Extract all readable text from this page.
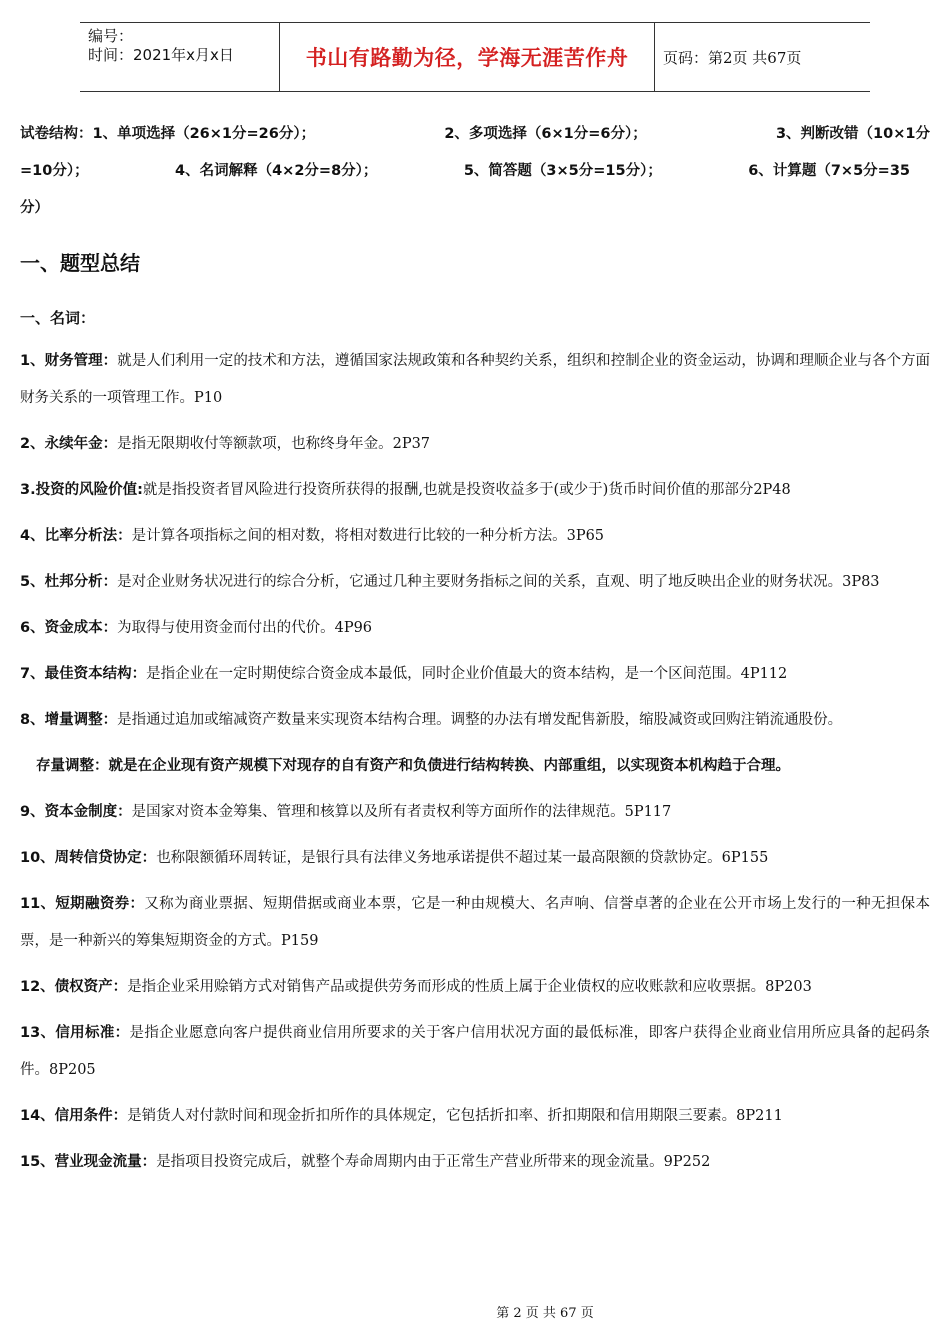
编号：
时间：2021年x月x日	书山有路勤为径，学海无涯苦作舟	页码：第2页 共67页
试卷结构：1、单项选择（26×1分=26分）；	2、多项选择（6×1分=6分）；	3、判断改错（10×1分
=10分）；	4、名词解释（4×2分=8分）；	5、简答题（3×5分=15分）；	6、计算题（7×5分=35
分）
一、题型总结
一、名词：
1、财务管理：就是人们利用一定的技术和方法，遵循国家法规政策和各种契约关系，组织和控制企业的资金运动，协调和理顺企业与各个方面财务关系的一项管理工作。P10
2、永续年金：是指无限期收付等额款项，也称终身年金。2P37
3.投资的风险价值:就是指投资者冒风险进行投资所获得的报酬,也就是投资收益多于(或少于)货币时间价值的那部分2P48
4、比率分析法：是计算各项指标之间的相对数，将相对数进行比较的一种分析方法。3P65
5、杜邦分析：是对企业财务状况进行的综合分析，它通过几种主要财务指标之间的关系，直观、明了地反映出企业的财务状况。3P83
6、资金成本：为取得与使用资金而付出的代价。4P96
7、最佳资本结构：是指企业在一定时期使综合资金成本最低，同时企业价值最大的资本结构，是一个区间范围。4P112
8、增量调整：是指通过追加或缩减资产数量来实现资本结构合理。调整的办法有增发配售新股，缩股减资或回购注销流通股份。
存量调整：就是在企业现有资产规模下对现存的自有资产和负债进行结构转换、内部重组，以实现资本机构趋于合理。
9、资本金制度：是国家对资本金筹集、管理和核算以及所有者责权利等方面所作的法律规范。5P117
10、周转信贷协定：也称限额循环周转证，是银行具有法律义务地承诺提供不超过某一最高限额的贷款协定。6P155
11、短期融资券：又称为商业票据、短期借据或商业本票，它是一种由规模大、名声响、信誉卓著的企业在公开市场上发行的一种无担保本票，是一种新兴的筹集短期资金的方式。P159
12、债权资产：是指企业采用赊销方式对销售产品或提供劳务而形成的性质上属于企业债权的应收账款和应收票据。8P203
13、信用标准：是指企业愿意向客户提供商业信用所要求的关于客户信用状况方面的最低标准，即客户获得企业商业信用所应具备的起码条件。8P205
14、信用条件：是销货人对付款时间和现金折扣所作的具体规定，它包括折扣率、折扣期限和信用期限三要素。8P211
15、营业现金流量：是指项目投资完成后，就整个寿命周期内由于正常生产营业所带来的现金流量。9P252
第 2 页 共 67 页
